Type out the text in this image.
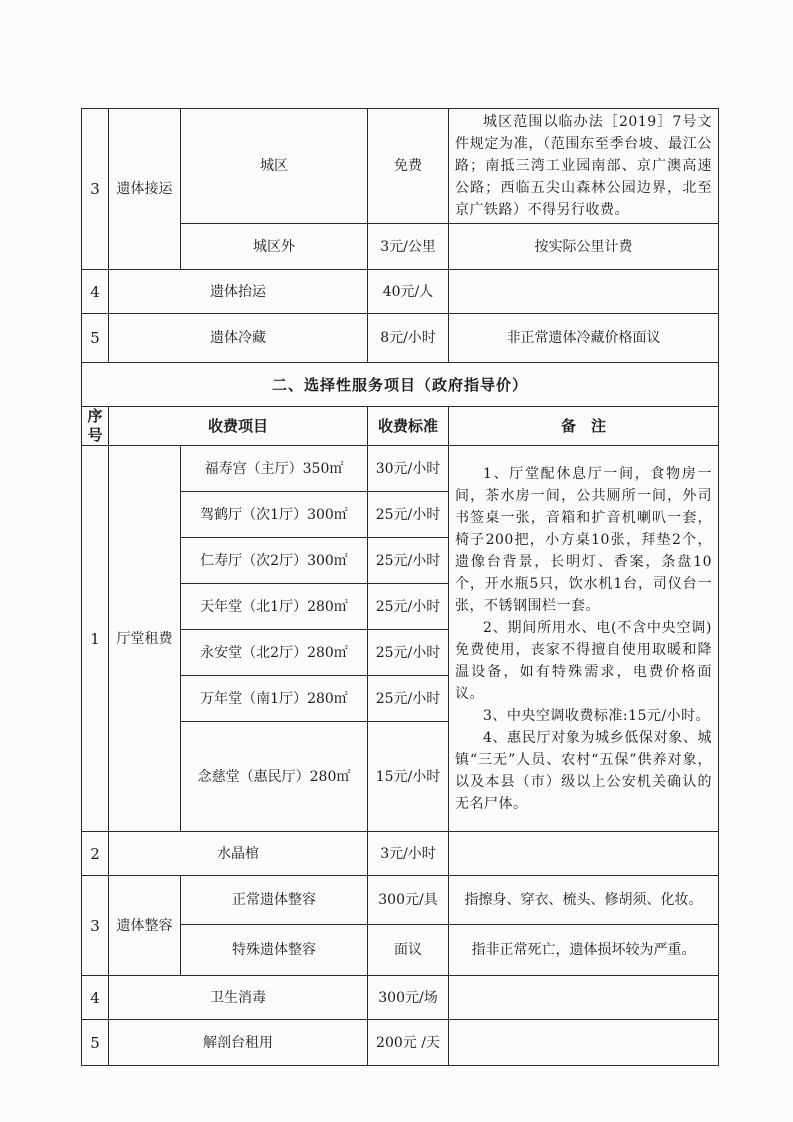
3	遗体接运	城区	免费	城区范围以临办法［2019］7号文件规定为准，（范围东至季台坡、最江公路；南抵三湾工业园南部、京广澳高速公路；西临五尖山森林公园边界，北至京广铁路）不得另行收费。

		城区外	3元/公里	按实际公里计费
4	遗体抬运		40元/人	
5	遗体冷藏		8元/小时	非正常遗体冷藏价格面议
二、选择性服务项目（政府指导价）				
序号	收费项目		收费标准	备　注
1	厅堂租费	福寿宫（主厅）350㎡	30元/小时	1、厅堂配休息厅一间，食物房一间，茶水房一间，公共厕所一间，外司书签桌一张，音箱和扩音机喇叭一套，椅子200把，小方桌10张，拜垫2个，遗像台背景，长明灯、香案，条盘10个，开水瓶5只，饮水机1台，司仪台一张，不锈钢围栏一套。

2、期间所用水、电(不含中央空调)免费使用，丧家不得擅自使用取暖和降温设备，如有特殊需求，电费价格面议。

3、中央空调收费标准:15元/小时。

4、惠民厅对象为城乡低保对象、城镇“三无”人员、农村“五保”供养对象，以及本县（市）级以上公安机关确认的无名尸体。

		驾鹤厅（次1厅）300㎡	25元/小时	
		仁寿厅（次2厅）300㎡	25元/小时	
		天年堂（北1厅）280㎡	25元/小时	
		永安堂（北2厅）280㎡	25元/小时	
		万年堂（南1厅）280㎡	25元/小时	
		念慈堂（惠民厅）280㎡	15元/小时	
2	水晶棺		3元/小时	
3	遗体整容	正常遗体整容	300元/具	指擦身、穿衣、梳头、修胡须、化妆。
		特殊遗体整容	面议	指非正常死亡，遗体损坏较为严重。
4	卫生消毒		300元/场	
5	解剖台租用		200元 /天	
